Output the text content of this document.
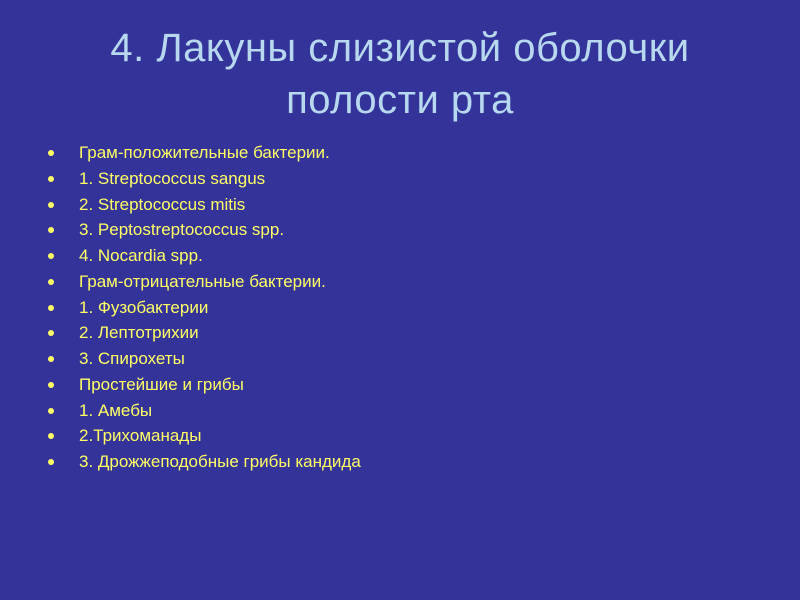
4. Лакуны слизистой оболочки
полости рта
Грам-положительные бактерии.
1. Streptococcus sangus
2. Streptococcus mitis
3. Peptostreptococcus spp.
4. Nocardia spp.
Грам-отрицательные бактерии.
1. Фузобактерии
2. Лептотрихии
3. Спирохеты
Простейшие и грибы
1. Амебы
2.Трихоманады
3. Дрожжеподобные грибы кандида
